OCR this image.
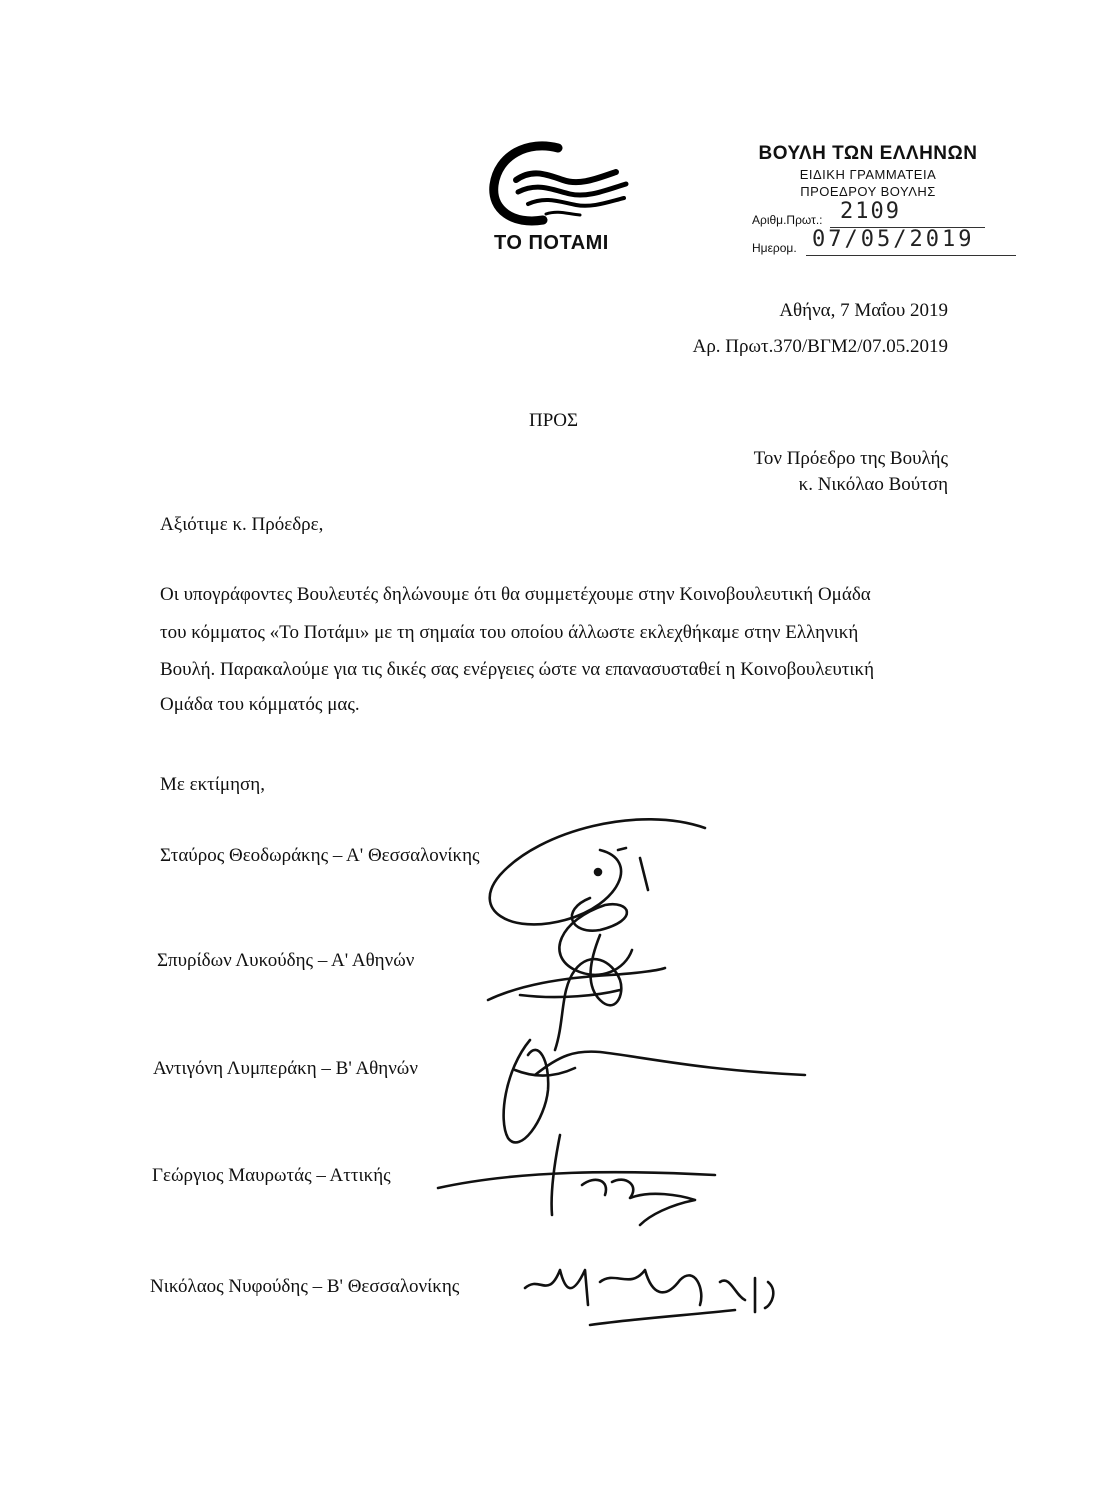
ΤΟ ΠΟΤΑΜΙ
ΒΟΥΛΗ ΤΩΝ ΕΛΛΗΝΩΝ
ΕΙΔΙΚΗ ΓΡΑΜΜΑΤΕΙΑ
ΠΡΟΕΔΡΟΥ ΒΟΥΛΗΣ
Αριθμ.Πρωτ.: 2109
Ημερομ. 07/05/2019
Αθήνα, 7 Μαΐου 2019
Αρ. Πρωτ.370/ΒΓΜ2/07.05.2019
ΠΡΟΣ
Τον Πρόεδρο της Βουλής
κ. Νικόλαο Βούτση
Αξιότιμε κ. Πρόεδρε,
Οι υπογράφοντες Βουλευτές δηλώνουμε ότι θα συμμετέχουμε στην Κοινοβουλευτική Ομάδα
του κόμματος «Το Ποτάμι» με τη σημαία του οποίου άλλωστε εκλεχθήκαμε στην Ελληνική
Βουλή. Παρακαλούμε για τις δικές σας ενέργειες ώστε να επανασυσταθεί η Κοινοβουλευτική
Ομάδα του κόμματός μας.
Με εκτίμηση,
Σταύρος Θεοδωράκης – Α' Θεσσαλονίκης
Σπυρίδων Λυκούδης – Α' Αθηνών
Αντιγόνη Λυμπεράκη – Β' Αθηνών
Γεώργιος Μαυρωτάς – Αττικής
Νικόλαος Νυφούδης – Β' Θεσσαλονίκης
